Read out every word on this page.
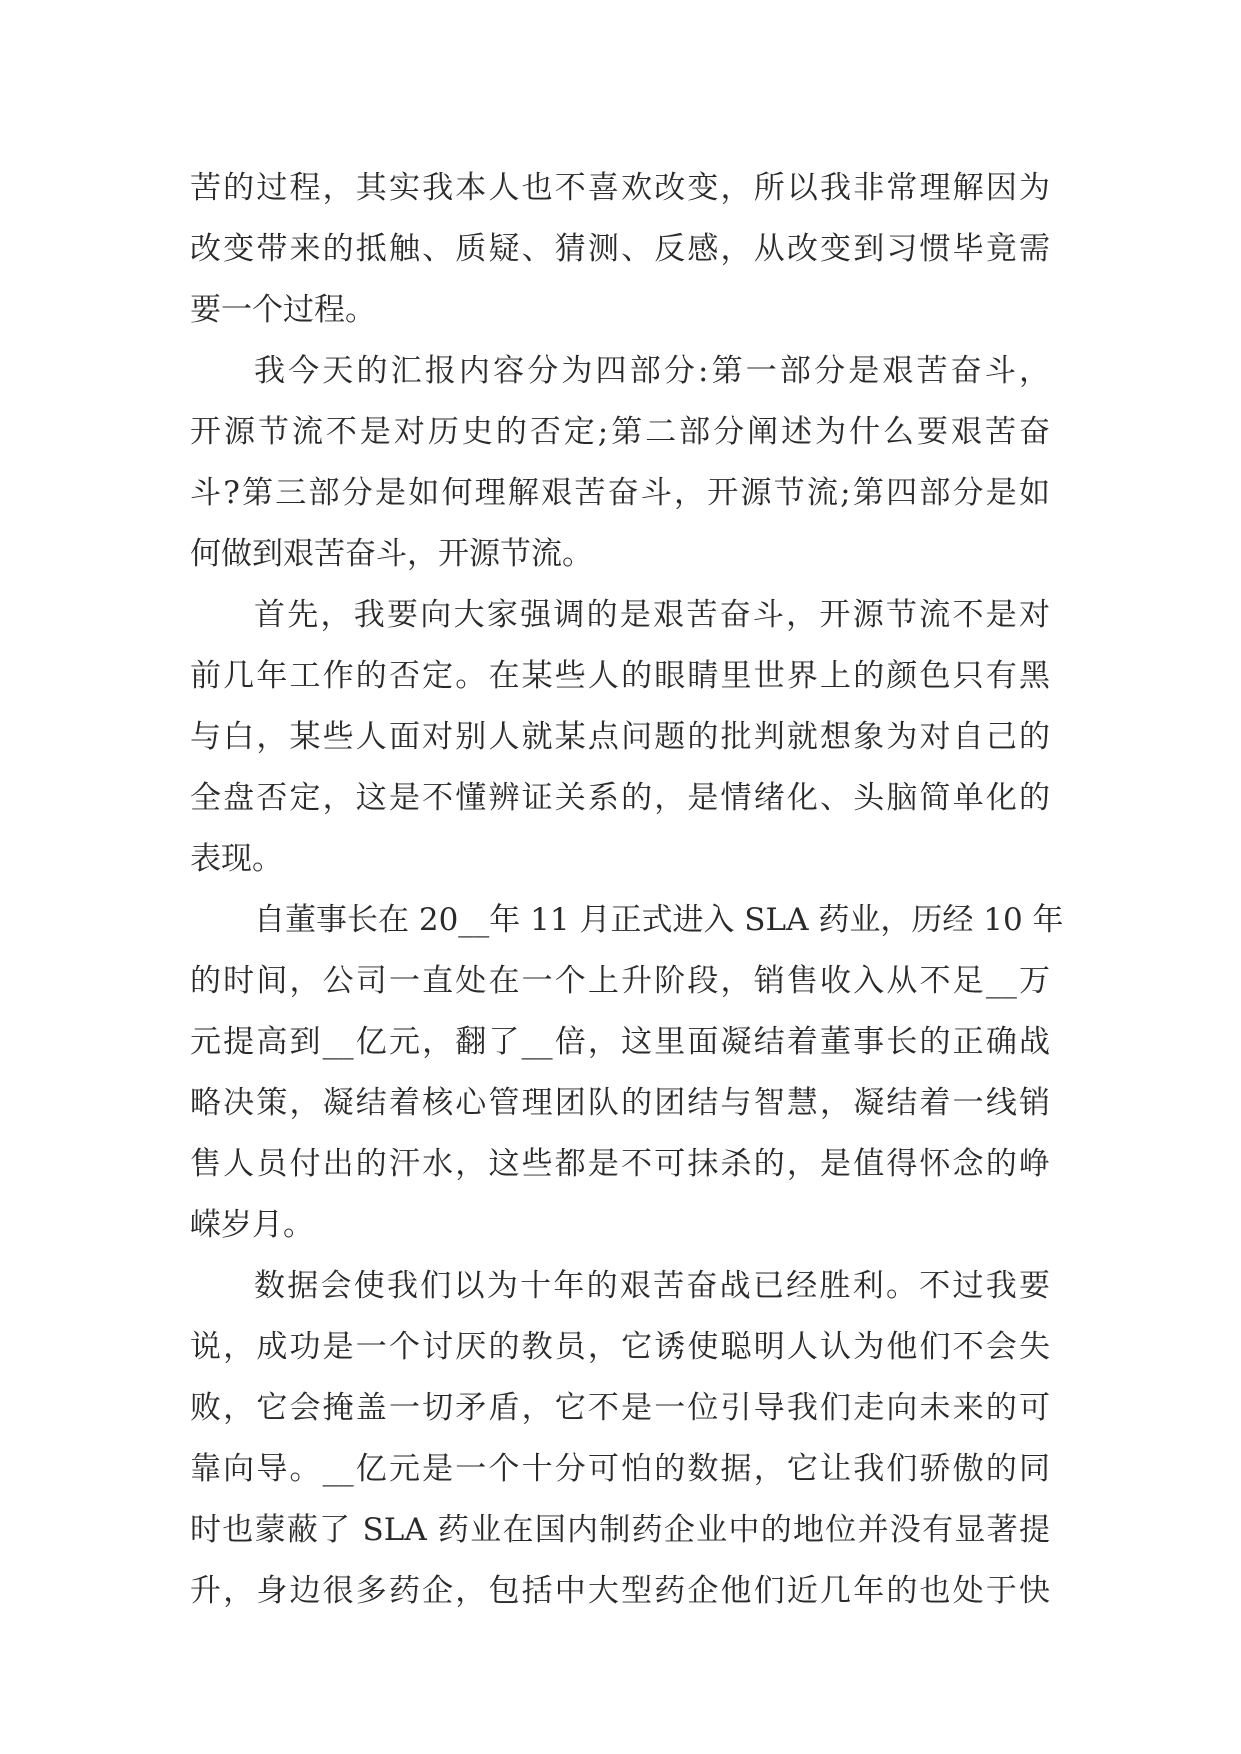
苦的过程，其实我本人也不喜欢改变，所以我非常理解因为
改变带来的抵触、质疑、猜测、反感，从改变到习惯毕竟需
要一个过程。
我今天的汇报内容分为四部分:第一部分是艰苦奋斗，
开源节流不是对历史的否定;第二部分阐述为什么要艰苦奋
斗?第三部分是如何理解艰苦奋斗，开源节流;第四部分是如
何做到艰苦奋斗，开源节流。
首先，我要向大家强调的是艰苦奋斗，开源节流不是对
前几年工作的否定。在某些人的眼睛里世界上的颜色只有黑
与白，某些人面对别人就某点问题的批判就想象为对自己的
全盘否定，这是不懂辨证关系的，是情绪化、头脑简单化的
表现。
自董事长在 20__年 11 月正式进入 SLA 药业，历经 10 年
的时间，公司一直处在一个上升阶段，销售收入从不足__万
元提高到__亿元，翻了__倍，这里面凝结着董事长的正确战
略决策，凝结着核心管理团队的团结与智慧，凝结着一线销
售人员付出的汗水，这些都是不可抹杀的，是值得怀念的峥
嵘岁月。
数据会使我们以为十年的艰苦奋战已经胜利。不过我要
说，成功是一个讨厌的教员，它诱使聪明人认为他们不会失
败，它会掩盖一切矛盾，它不是一位引导我们走向未来的可
靠向导。__亿元是一个十分可怕的数据，它让我们骄傲的同
时也蒙蔽了 SLA 药业在国内制药企业中的地位并没有显著提
升，身边很多药企，包括中大型药企他们近几年的也处于快
